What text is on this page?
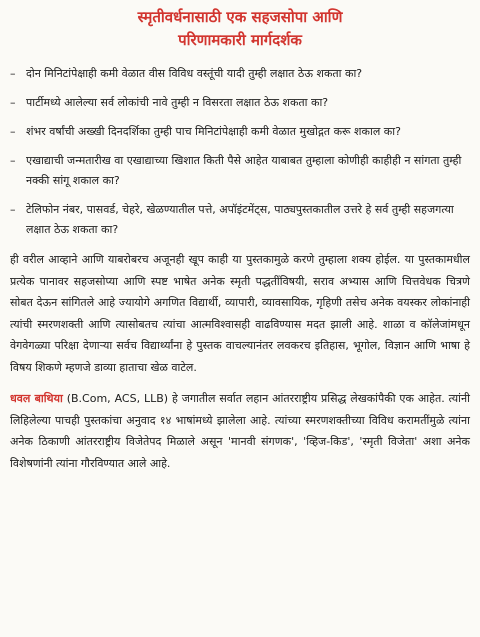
स्मृतीवर्धनासाठी एक सहजसोपा आणि
परिणामकारी मार्गदर्शक
– दोन मिनिटांपेक्षाही कमी वेळात वीस विविध वस्तूंची यादी तुम्ही लक्षात ठेऊ शकता का?
– पार्टीमध्ये आलेल्या सर्व लोकांची नावे तुम्ही न विसरता लक्षात ठेऊ शकता का?
– शंभर वर्षांची अख्खी दिनदर्शिका तुम्ही पाच मिनिटांपेक्षाही कमी वेळात मुखोद्गत करू शकाल का?
– एखाद्याची जन्मतारीख वा एखाद्याच्या खिशात किती पैसे आहेत याबाबत तुम्हाला कोणीही काहीही न सांगता तुम्ही नक्की सांगू शकाल का?
– टेलिफोन नंबर, पासवर्ड, चेहरे, खेळण्यातील पत्ते, अपॉइंटमेंट्स, पाठ्यपुस्तकातील उत्तरे हे सर्व तुम्ही सहजगत्या लक्षात ठेऊ शकता का?

ही वरील आव्हाने आणि याबरोबरच अजूनही खूप काही या पुस्तकामुळे करणे तुम्हाला शक्य होईल. या पुस्तकामधील प्रत्येक पानावर सहजसोप्या आणि स्पष्ट भाषेत अनेक स्मृती पद्धतींविषयी, सराव अभ्यास आणि चित्तवेधक चित्रणे सोबत देऊन सांगितले आहे ज्यायोगे अगणित विद्यार्थी, व्यापारी, व्यावसायिक, गृहिणी तसेच अनेक वयस्कर लोकांनाही त्यांची स्मरणशक्ती आणि त्यासोबतच त्यांचा आत्मविश्वासही वाढविण्यास मदत झाली आहे. शाळा व कॉलेजांमधून वेगवेगळ्या परिक्षा देणाऱ्या सर्वच विद्यार्थ्यांना हे पुस्तक वाचल्यानंतर लवकरच इतिहास, भूगोल, विज्ञान आणि भाषा हे विषय शिकणे म्हणजे डाव्या हाताचा खेळ वाटेल.

धवल बाथिया (B.Com, ACS, LLB) हे जगातील सर्वात लहान आंतरराष्ट्रीय प्रसिद्ध लेखकांपैकी एक आहेत. त्यांनी लिहिलेल्या पाचही पुस्तकांचा अनुवाद १४ भाषांमध्ये झालेला आहे. त्यांच्या स्मरणशक्तीच्या विविध करामतींमुळे त्यांना अनेक ठिकाणी आंतरराष्ट्रीय विजेतेपद मिळाले असून 'मानवी संगणक', 'व्हिज-किड', 'स्मृती विजेता' अशा अनेक विशेषणांनी त्यांना गौरविण्यात आले आहे.
